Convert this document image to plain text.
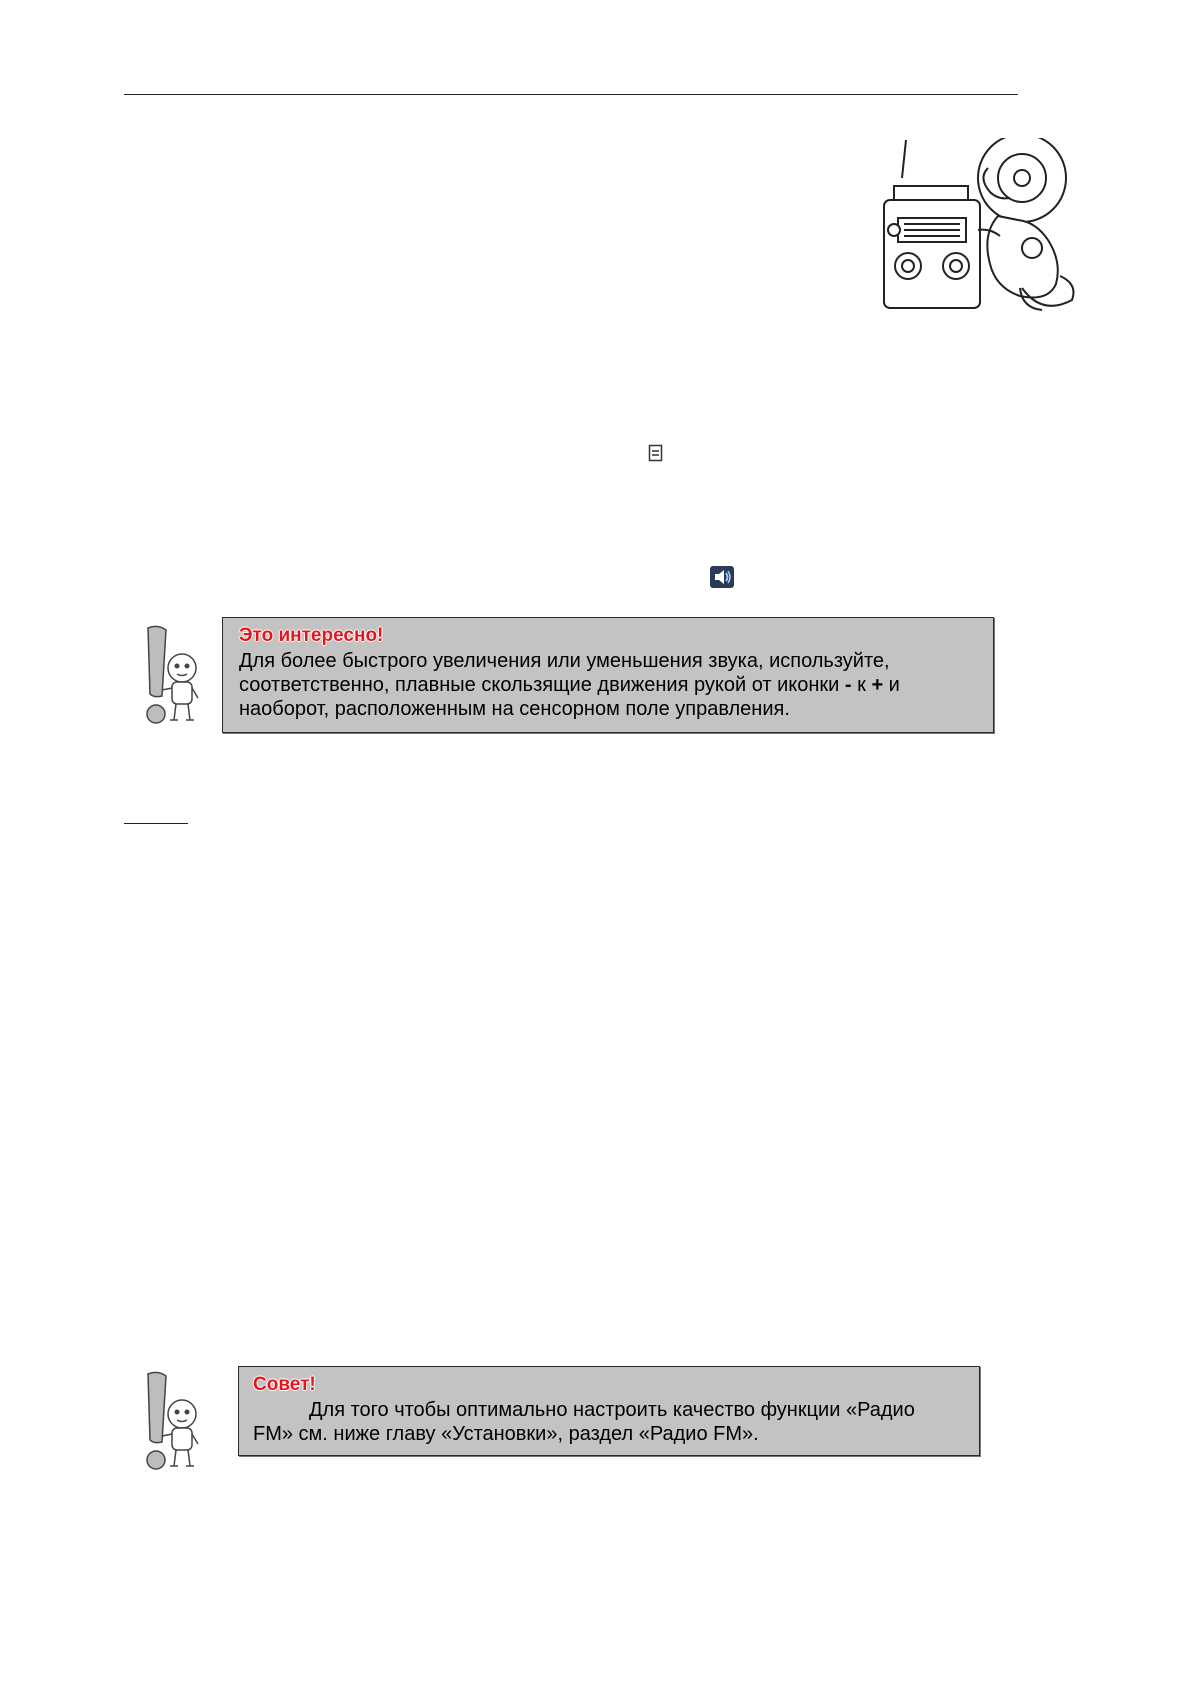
Это интересно!
Для более быстрого увеличения или уменьшения звука, используйте,
соответственно, плавные скользящие движения рукой от иконки - к + и
наоборот, расположенным на сенсорном поле управления.
Совет!
Для того чтобы оптимально настроить качество функции «Радио
FM» см. ниже главу «Установки», раздел «Радио FM».
